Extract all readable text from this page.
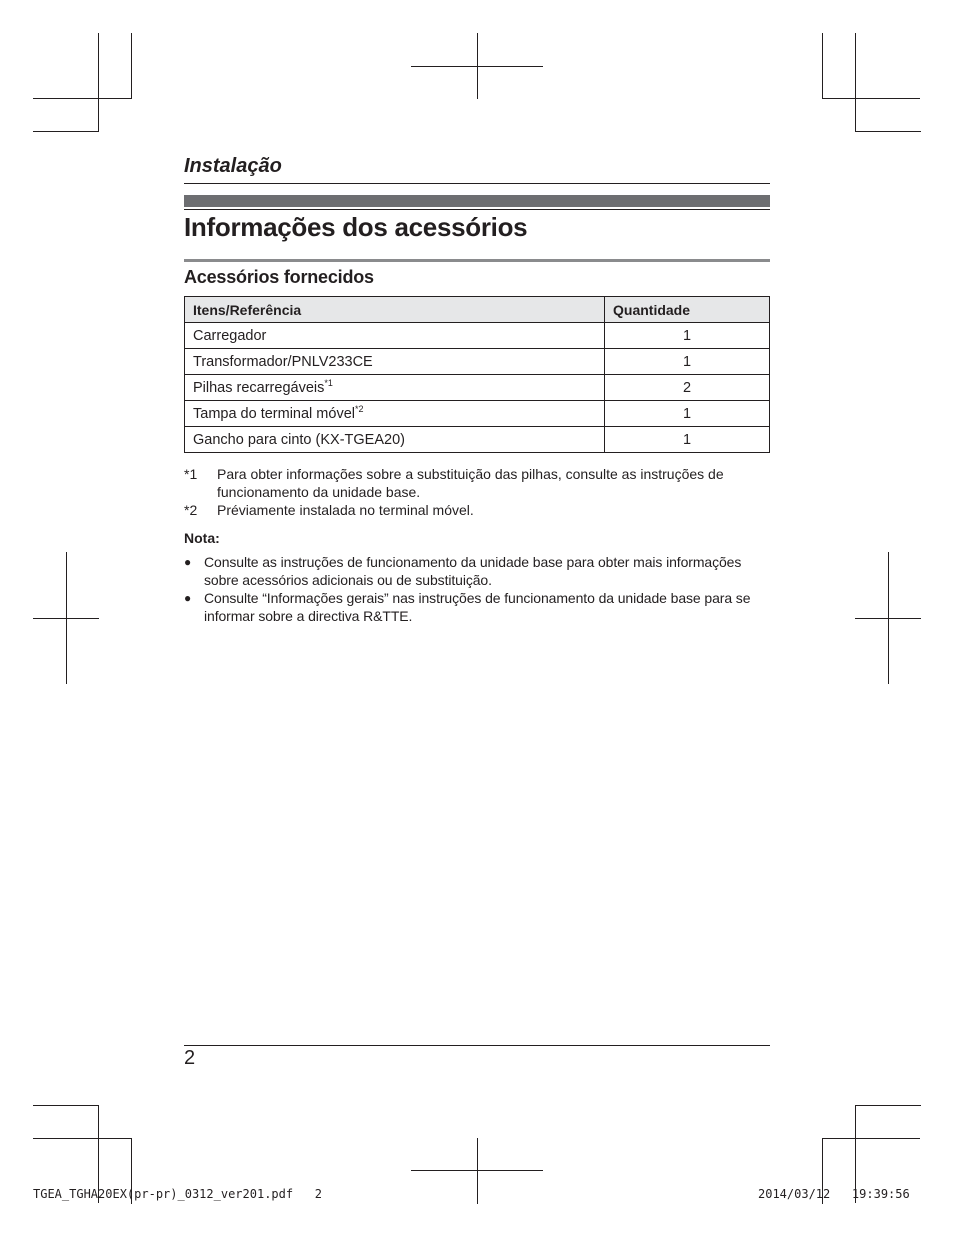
Instalação
Informações dos acessórios
Acessórios fornecidos
Itens/Referência	Quantidade
Carregador	1
Transformador/PNLV233CE	1
Pilhas recarregáveis$^{*1}$	2
Tampa do terminal móvel$^{*2}$	1
Gancho para cinto (KX-TGEA20)	1
*1	Para obter informações sobre a substituição das pilhas, consulte as instruções de funcionamento da unidade base.
*2	Préviamente instalada no terminal móvel.
Nota:
● Consulte as instruções de funcionamento da unidade base para obter mais informações sobre acessórios adicionais ou de substituição.
● Consulte “Informações gerais” nas instruções de funcionamento da unidade base para se informar sobre a directiva R&TTE.
2
TGEA_TGHA20EX(pr-pr)_0312_ver201.pdf   2	2014/03/12   19:39:56
